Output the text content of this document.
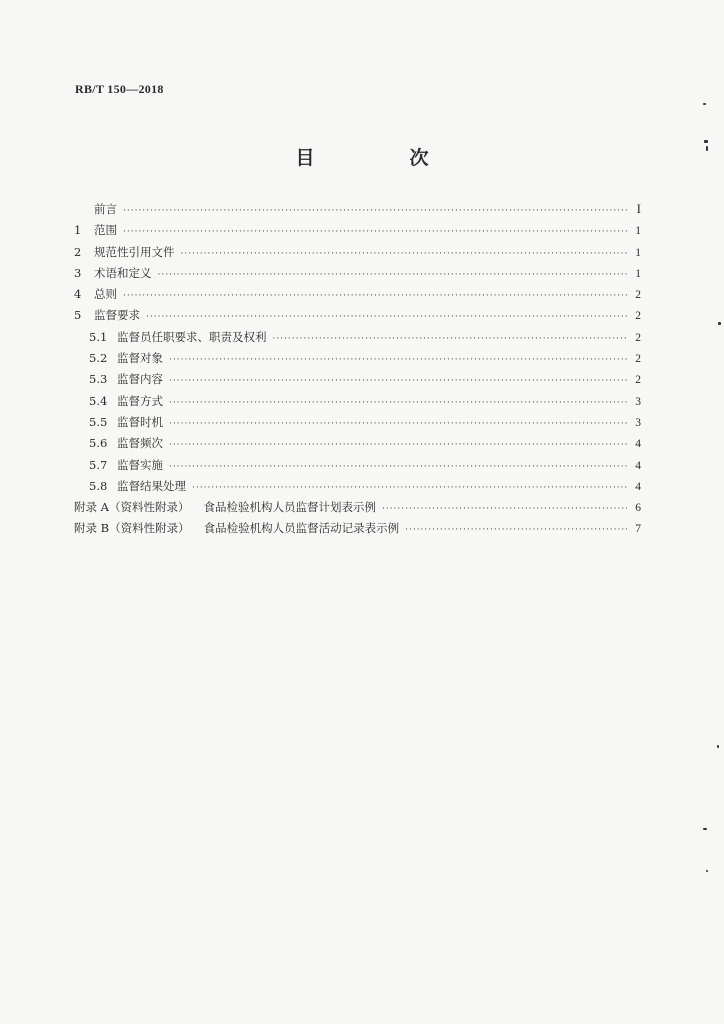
RB/T 150—2018
目　次
前言 ·····	I
1	范围 ·····	1
2	规范性引用文件 ·····	1
3	术语和定义 ·····	1
4	总则 ·····	2
5	监督要求 ·····	2
5.1 监督员任职要求、职责及权利 ·····	2
5.2 监督对象 ·····	2
5.3 监督内容 ·····	2
5.4 监督方式 ·····	3
5.5 监督时机 ·····	3
5.6 监督频次 ·····	4
5.7 监督实施 ·····	4
5.8 监督结果处理 ·····	4
附录 A（资料性附录） 食品检验机构人员监督计划表示例 ·····	6
附录 B（资料性附录） 食品检验机构人员监督活动记录表示例 ·····	7
